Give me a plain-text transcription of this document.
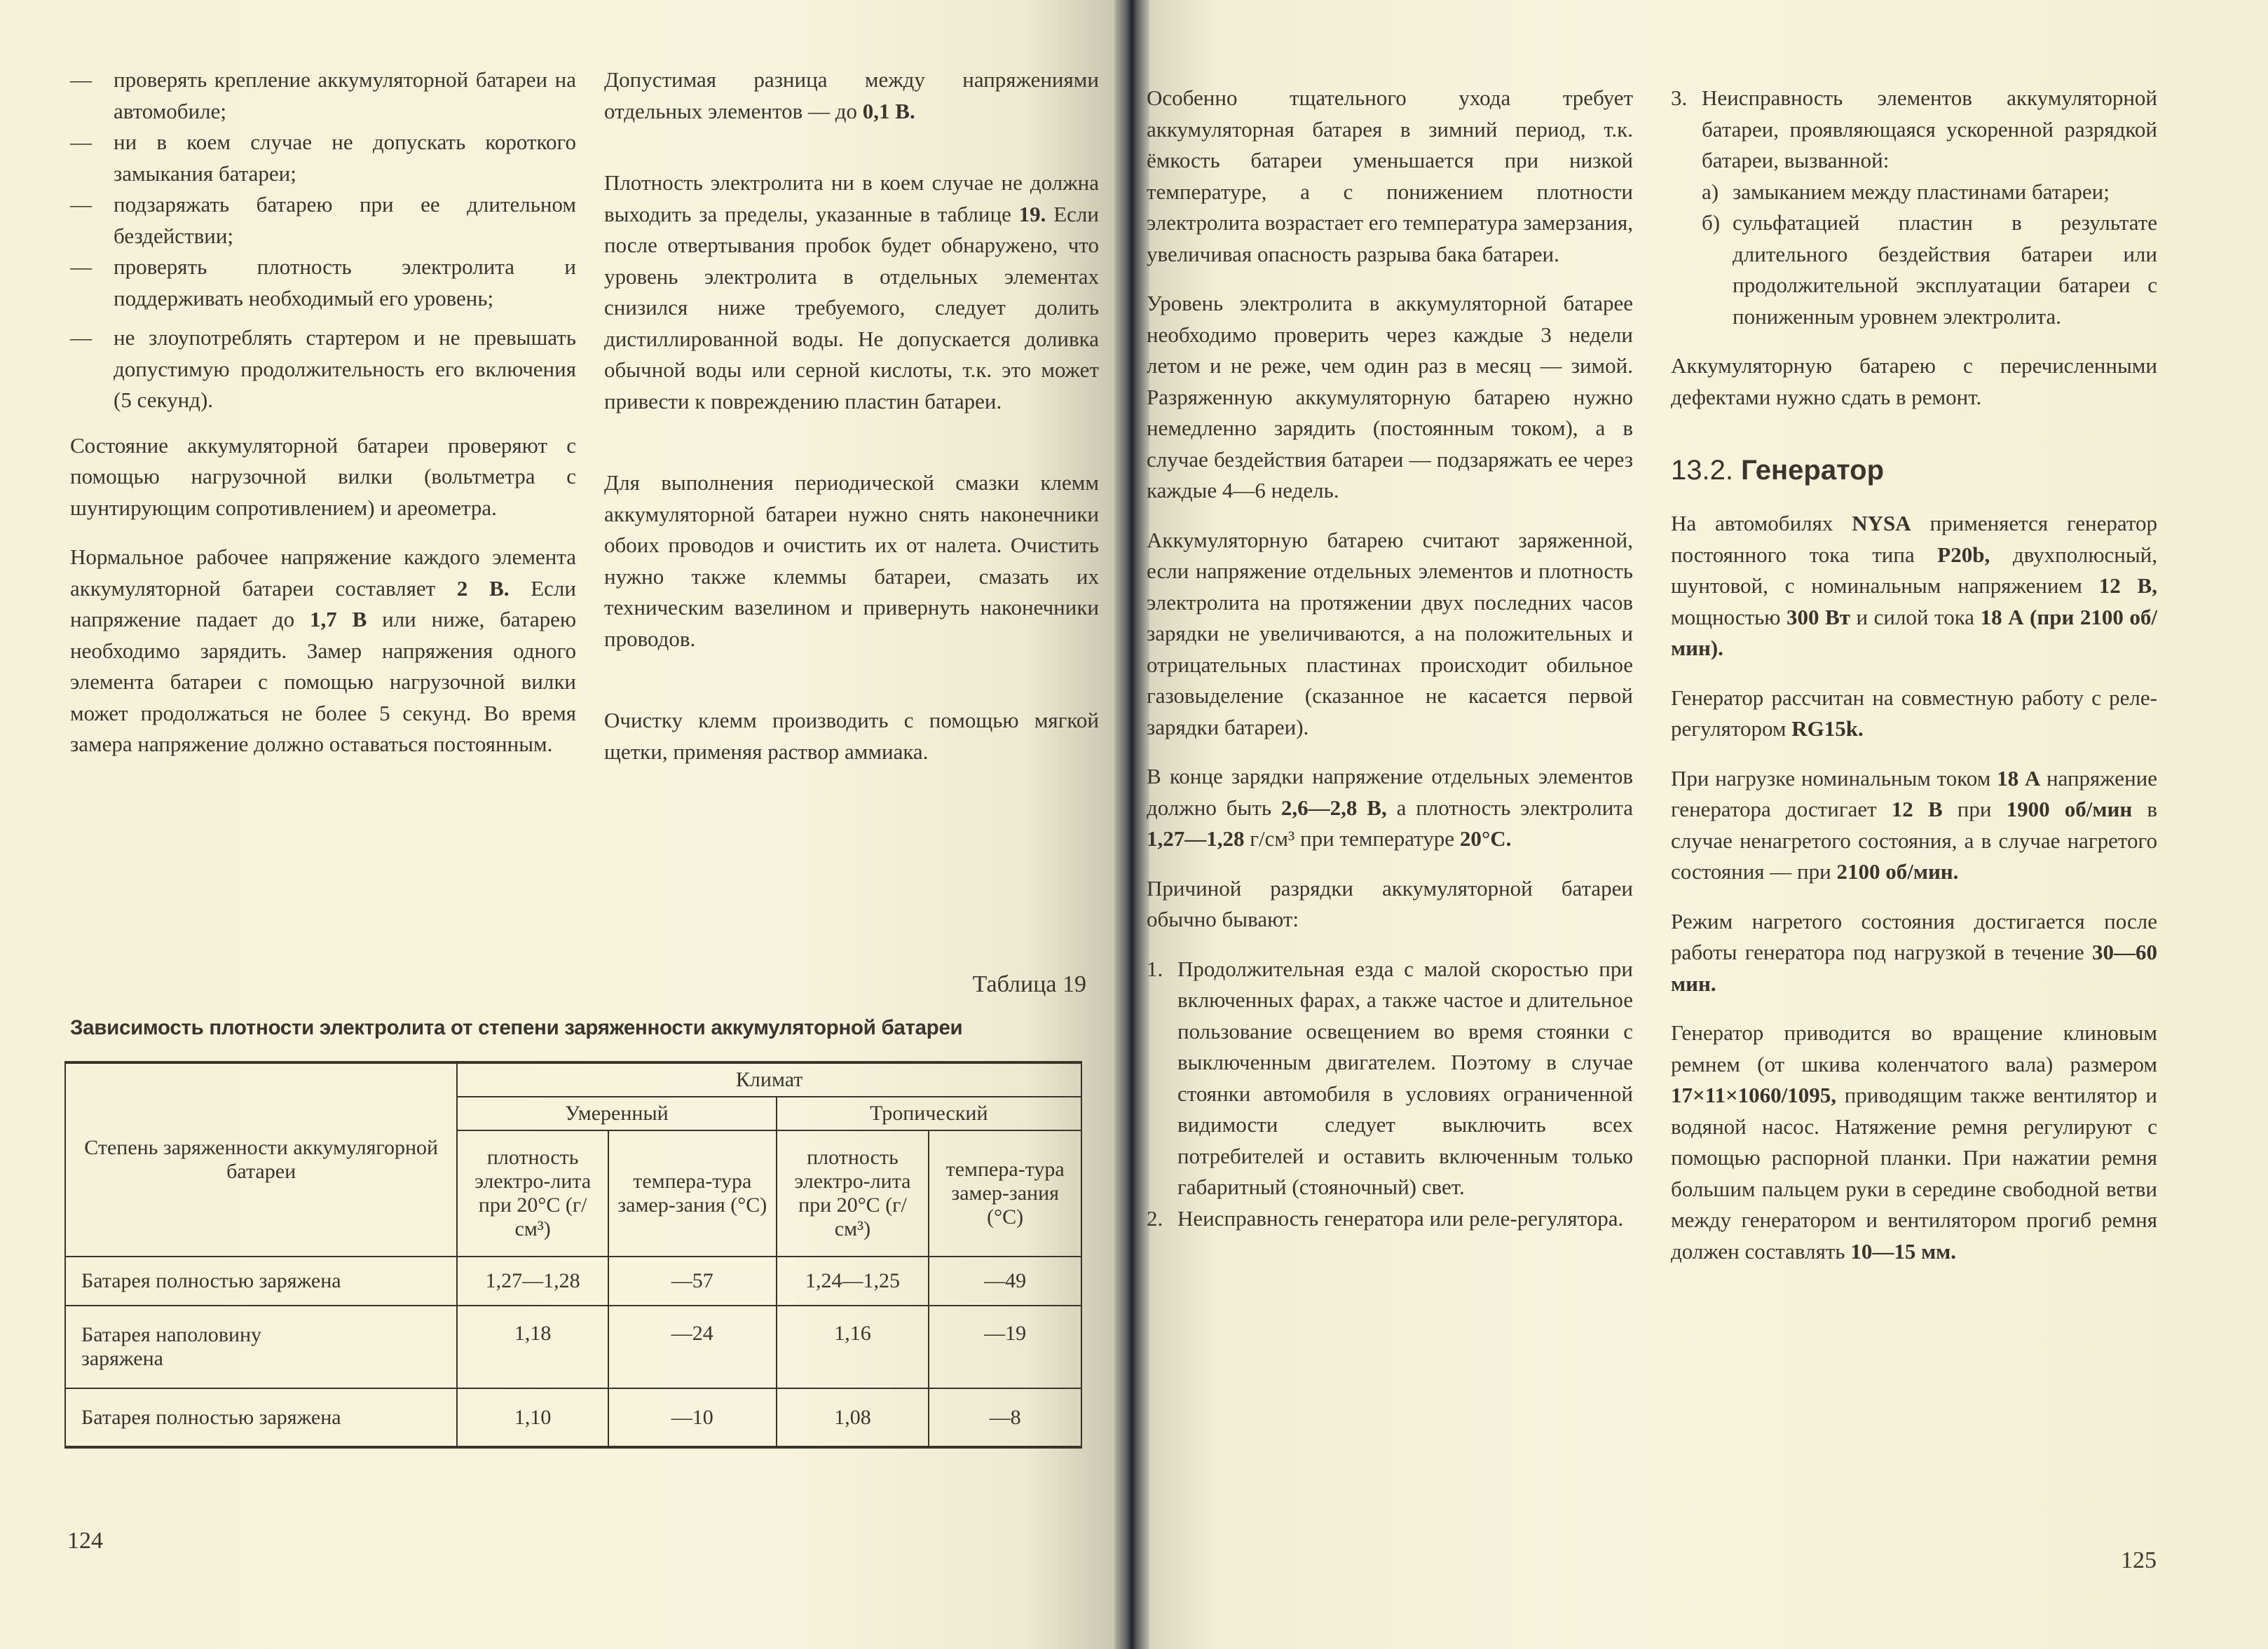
— проверять крепление аккумуляторной батареи на автомобиле;
— ни в коем случае не допускать короткого замыкания батареи;
— подзаряжать батарею при ее длительном бездействии;
— проверять плотность электролита и поддерживать необходимый его уровень;
— не злоупотреблять стартером и не превышать допустимую продолжительность его включения (5 секунд).

Состояние аккумуляторной батареи проверяют с помощью нагрузочной вилки (вольтметра с шунтирующим сопротивлением) и ареометра.

Нормальное рабочее напряжение каждого элемента аккумуляторной батареи составляет 2 В. Если напряжение падает до 1,7 В или ниже, батарею необходимо зарядить. Замер напряжения одного элемента батареи с помощью нагрузочной вилки может продолжаться не более 5 секунд. Во время замера напряжение должно оставаться постоянным.

Допустимая разница между напряжениями отдельных элементов — до 0,1 В.

Плотность электролита ни в коем случае не должна выходить за пределы, указанные в таблице 19. Если после отвертывания пробок будет обнаружено, что уровень электролита в отдельных элементах снизился ниже требуемого, следует долить дистиллированной воды. Не допускается доливка обычной воды или серной кислоты, т.к. это может привести к повреждению пластин батареи.

Для выполнения периодической смазки клемм аккумуляторной батареи нужно снять наконечники обоих проводов и очистить их от налета. Очистить нужно также клеммы батареи, смазать их техническим вазелином и привернуть наконечники проводов.

Очистку клемм производить с помощью мягкой щетки, применяя раствор аммиака.

Таблица 19
Зависимость плотности электролита от степени заряженности аккумуляторной батареи
Степень заряженности аккумулягорной батареи	Климат			
	Умеренный		Тропический	
	плотность электро-лита при 20°С (г/см³)	темпера-тура замер-зания (°С)	плотность электро-лита при 20°С (г/см³)	темпера-тура замер-зания (°С)
Батарея полностью заряжена	1,27—1,28	—57	1,24—1,25	—49
Батарея наполовину заряжена	1,18	—24	1,16	—19
Батарея полностью заряжена	1,10	—10	1,08	—8
124

Особенно тщательного ухода требует аккумуляторная батарея в зимний период, т.к. ёмкость батареи уменьшается при низкой температуре, а с понижением плотности электролита возрастает его температура замерзания, увеличивая опасность разрыва бака батареи.

Уровень электролита в аккумуляторной батарее необходимо проверить через каждые 3 недели летом и не реже, чем один раз в месяц — зимой. Разряженную аккумуляторную батарею нужно немедленно зарядить (постоянным током), а в случае бездействия батареи — подзаряжать ее через каждые 4—6 недель.

Аккумуляторную батарею считают заряженной, если напряжение отдельных элементов и плотность электролита на протяжении двух последних часов зарядки не увеличиваются, а на положительных и отрицательных пластинах происходит обильное газовыделение (сказанное не касается первой зарядки батареи).

В конце зарядки напряжение отдельных элементов должно быть 2,6—2,8 В, а плотность электролита 1,27—1,28 г/см³ при температуре 20°С.

Причиной разрядки аккумуляторной батареи обычно бывают:

1. Продолжительная езда с малой скоростью при включенных фарах, а также частое и длительное пользование освещением во время стоянки с выключенным двигателем. Поэтому в случае стоянки автомобиля в условиях ограниченной видимости следует выключить всех потребителей и оставить включенным только габаритный (стояночный) свет.
2. Неисправность генератора или реле-регулятора.
3. Неисправность элементов аккумуляторной батареи, проявляющаяся ускоренной разрядкой батареи, вызванной:
а) замыканием между пластинами батареи;
б) сульфатацией пластин в результате длительного бездействия батареи или продолжительной эксплуатации батареи с пониженным уровнем электролита.

Аккумуляторную батарею с перечисленными дефектами нужно сдать в ремонт.

13.2. Генератор

На автомобилях NYSA применяется генератор постоянного тока типа P20b, двухполюсный, шунтовой, с номинальным напряжением 12 В, мощностью 300 Вт и силой тока 18 А (при 2100 об/мин).

Генератор рассчитан на совместную работу с реле-регулятором RG15k.

При нагрузке номинальным током 18 А напряжение генератора достигает 12 В при 1900 об/мин в случае ненагретого состояния, а в случае нагретого состояния — при 2100 об/мин.

Режим нагретого состояния достигается после работы генератора под нагрузкой в течение 30—60 мин.

Генератор приводится во вращение клиновым ремнем (от шкива коленчатого вала) размером 17×11×1060/1095, приводящим также вентилятор и водяной насос. Натяжение ремня регулируют с помощью распорной планки. При нажатии ремня большим пальцем руки в середине свободной ветви между генератором и вентилятором прогиб ремня должен составлять 10—15 мм.

125
